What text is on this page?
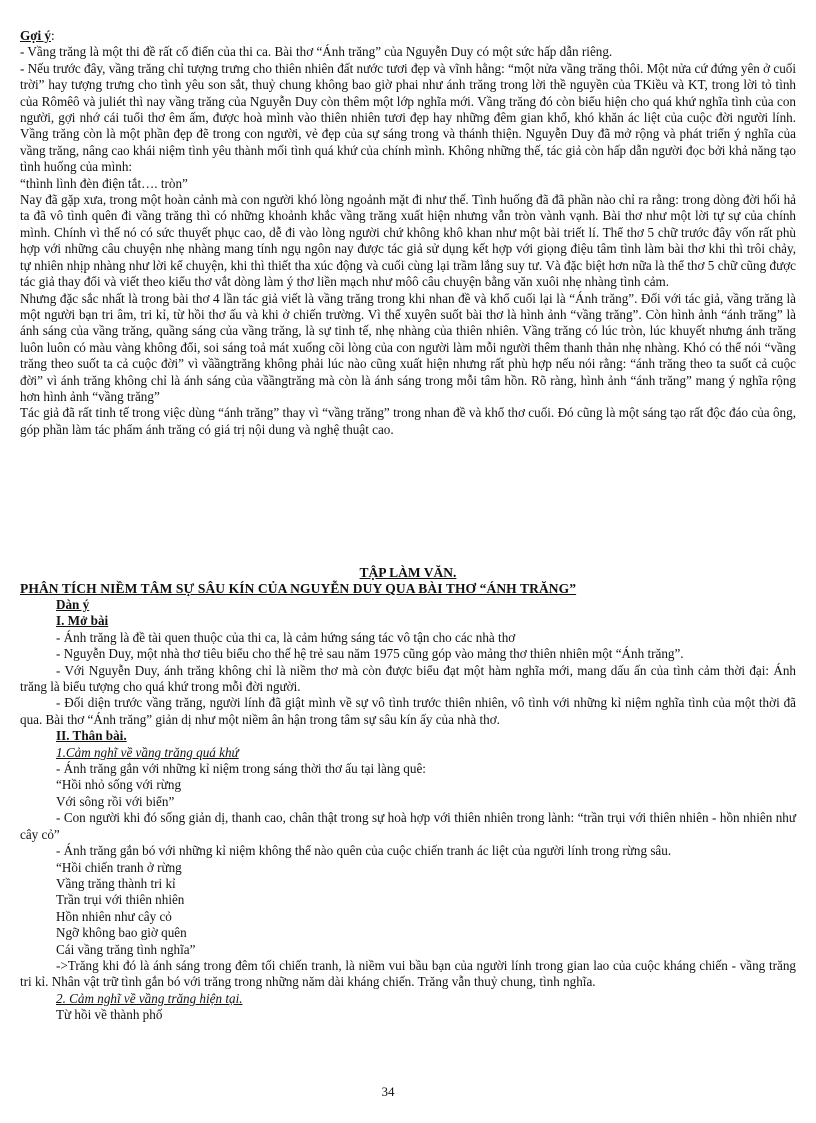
Gợi ý:

- Vầng trăng là một thi đề rất cổ điển của thi ca. Bài thơ “Ánh trăng” của Nguyễn Duy có một sức hấp dẫn riêng.

- Nếu trước đây, vầng trăng chỉ tượng trưng cho thiên nhiên đất nước tươi đẹp và vĩnh hằng: “một nửa vầng trăng thôi. Một nửa cứ đứng yên ở cuối trời” hay tượng trưng cho tình yêu son sắt, thuỷ chung không bao giờ phai như ánh trăng trong lời thề nguyền của TKiều và KT, trong lời tỏ tình của Rômêô và juliét thì nay vầng trăng của Nguyễn Duy còn thêm một lớp nghĩa mới. Vầng trăng đó còn biểu hiện cho quá khứ nghĩa tình của con người, gợi nhớ cái tuổi thơ êm ấm, được hoà mình vào thiên nhiên tươi đẹp hay những đêm gian khổ, khó khăn ác liệt của cuộc đời người lính. Vầng trăng còn là một phần đẹp đẽ trong con người, vẻ đẹp của sự sáng trong và thánh thiện. Nguyễn Duy đã mở rộng và phát triển ý nghĩa của vầng trăng, nâng cao khái niệm tình yêu thành mối tình quá khứ của chính mình. Không những thế, tác giả còn hấp dẫn người đọc bởi khả năng tạo tình huống của mình:

“thình lình đèn điện tắt…. tròn”

Nay đã gặp xưa, trong một hoàn cảnh mà con người khó lòng ngoảnh mặt đi như thế. Tình huống đã đã phần nào chỉ ra rằng: trong dòng đời hối hả ta đã vô tình quên đi vầng trăng thì có những khoảnh khắc vầng trăng xuất hiện nhưng vẫn tròn vành vạnh. Bài thơ như một lời tự sự của chính mình. Chính vì thế nó có sức thuyết phục cao, dễ đi vào lòng người chứ không khô khan như một bài triết lí. Thể thơ 5 chữ trước đây vốn rất phù hợp với những câu chuyện nhẹ nhàng mang tính ngụ ngôn nay được tác giả sử dụng kết hợp với giọng điệu tâm tình làm bài thơ khi thì trôi chảy, tự nhiên nhịp nhàng như lời kể chuyện, khi thì thiết tha xúc động và cuối cùng lại trầm lắng suy tư. Và đặc biệt hơn nữa là thể thơ 5 chữ cũng được tác giả thay đổi và viết theo kiểu thơ vắt dòng làm ý thơ liền mạch như môô câu chuyện bằng văn xuôi nhẹ nhàng tình cảm.

Nhưng đặc sắc nhất là trong bài thơ 4 lần tác giả viết là vầng trăng trong khi nhan đề và khổ cuối lại là “Ánh trăng”. Đối với tác giả, vầng trăng là một người bạn tri âm, tri kỉ, từ hồi thơ ấu và khi ở chiến trường. Vì thế xuyên suốt bài thơ là hình ảnh “vầng trăng”. Còn hình ảnh “ánh trăng” là ánh sáng của vầng trăng, quầng sáng của vầng trăng, là sự tinh tế, nhẹ nhàng của thiên nhiên. Vầng trăng có lúc tròn, lúc khuyết nhưng ánh trăng luôn luôn có màu vàng không đổi, soi sáng toả mát xuống cõi lòng của con người làm mỗi người thêm thanh thản nhẹ nhàng. Khó có thể nói “vầng trăng theo suốt ta cả cuộc đời” vì vầầngtrăng không phải lúc nào cũng xuất hiện nhưng rất phù hợp nếu nói rằng: “ánh trăng theo ta suốt cả cuộc đời” vì ánh trăng không chỉ là ánh sáng của vầầngtrăng mà còn là ánh sáng trong mỗi tâm hồn. Rõ ràng, hình ảnh “ánh trăng” mang ý nghĩa rộng hơn hình ảnh “vầng trăng”

Tác giả đã rất tinh tế trong việc dùng “ánh trăng” thay vì “vầng trăng” trong nhan đề và khổ thơ cuối. Đó cũng là một sáng tạo rất độc đáo của ông, góp phần làm tác phẩm ánh trăng có giá trị nội dung và nghệ thuật cao.

TẬP LÀM VĂN.

PHÂN TÍCH NIỀM TÂM SỰ SÂU KÍN CỦA NGUYỄN DUY QUA BÀI THƠ “ÁNH TRĂNG”

Dàn ý

I. Mở bài

- Ánh trăng là đề tài quen thuộc của thi ca, là cảm hứng sáng tác vô tận cho các nhà thơ

- Nguyễn Duy, một nhà thơ tiêu biểu cho thế hệ trẻ sau năm 1975 cũng góp vào mảng thơ thiên nhiên một “Ánh trăng”.

- Với Nguyễn Duy, ánh trăng không chỉ là niềm thơ mà còn được biểu đạt một hàm nghĩa mới, mang dấu ấn của tình cảm thời đại: Ánh trăng là biểu tượng cho quá khứ trong mỗi đời người.

- Đối diện trước vầng trăng, người lính đã giật mình về sự vô tình trước thiên nhiên, vô tình với những kỉ niệm nghĩa tình của một thời đã qua. Bài thơ “Ánh trăng” giản dị như một niềm ân hận trong tâm sự sâu kín ấy của nhà thơ.

II. Thân bài.

1.Cảm nghĩ về vầng trăng quá khứ

- Ánh trăng gắn với những kỉ niệm trong sáng thời thơ ấu tại làng quê:

“Hồi nhỏ sống với rừng

Với sông rồi với biển”

- Con người khi đó sống giản dị, thanh cao, chân thật trong sự hoà hợp với thiên nhiên trong lành: “trần trụi với thiên nhiên - hồn nhiên như cây cỏ”

- Ánh trăng gắn bó với những kỉ niệm không thể nào quên của cuộc chiến tranh ác liệt của người lính trong rừng sâu.

“Hồi chiến tranh ở rừng

Vầng trăng thành tri kỉ

Trần trụi với thiên nhiên

Hồn nhiên như cây cỏ

Ngỡ không bao giờ quên

Cái vầng trăng tình nghĩa”

->Trăng khi đó là ánh sáng trong đêm tối chiến tranh, là niềm vui bầu bạn của người lính trong gian lao của cuộc kháng chiến - vầng trăng tri kỉ. Nhân vật trữ tình gắn bó với trăng trong những năm dài kháng chiến. Trăng vẫn thuỷ chung, tình nghĩa.

2. Cảm nghĩ về vầng trăng hiện tại.

Từ hồi về thành phố

34
